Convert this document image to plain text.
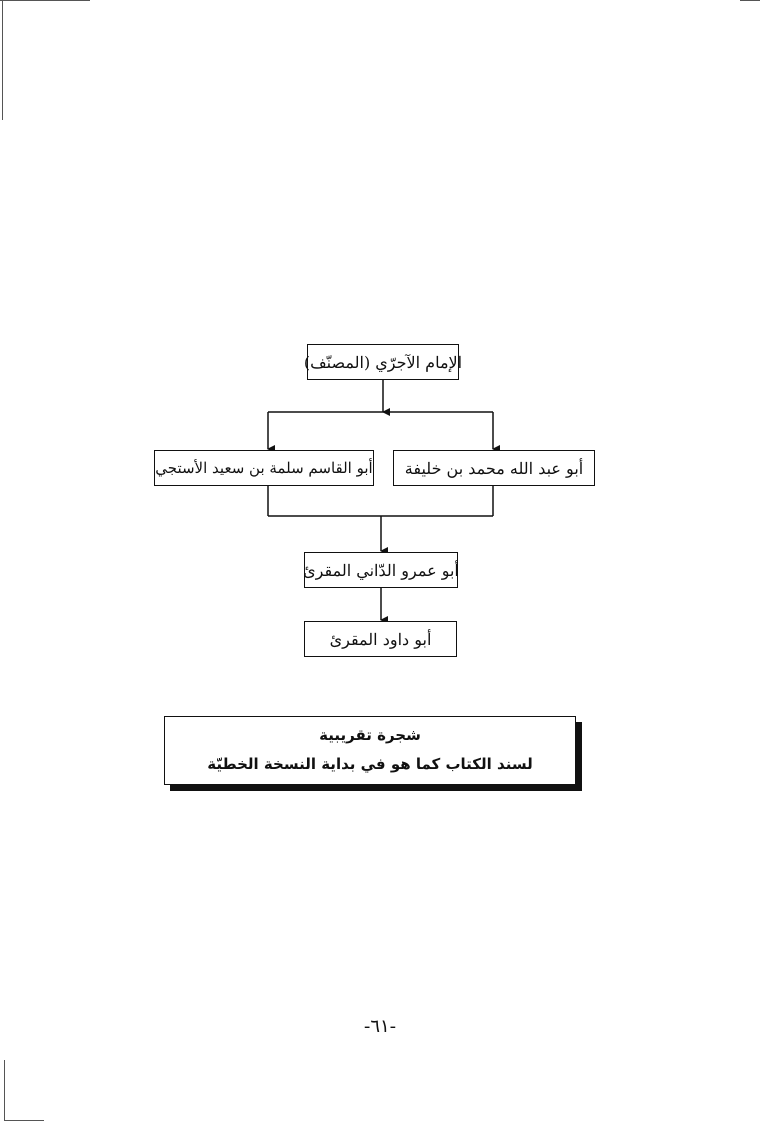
الإمام الآجرّي (المصنّف)
أبو عبد الله محمد بن خليفة
أبو القاسم سلمة بن سعيد الأستجي
أبو عمرو الدّاني المقرئ
أبو داود المقرئ
شجرة تقريبية
لسند الكتاب كما هو في بداية النسخة الخطيّة
-٦١-
